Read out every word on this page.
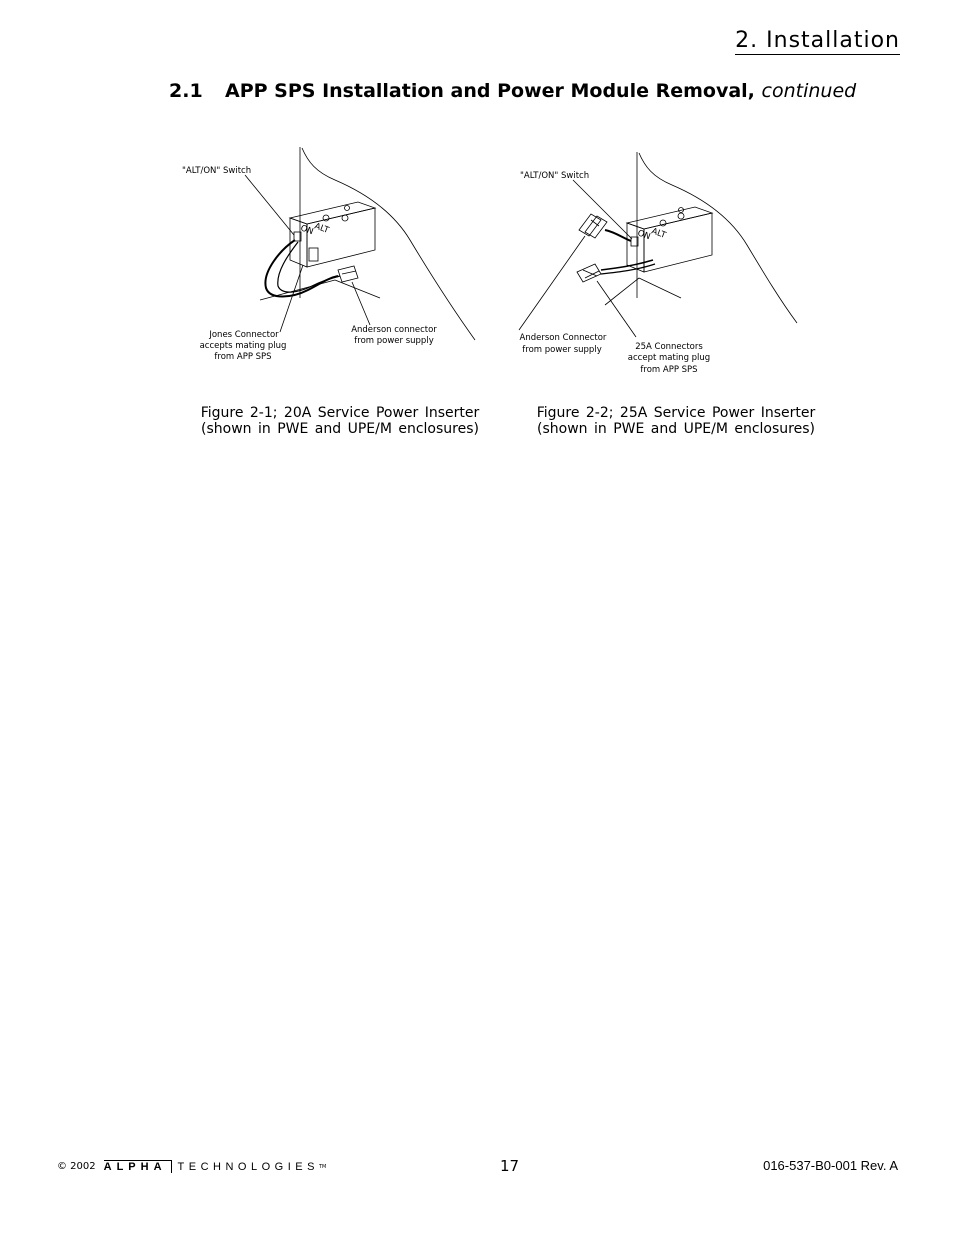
2. Installation
2.1 APP SPS Installation and Power Module Removal, continued
"ALT/ON" Switch
Jones Connector
accepts mating plug
from APP SPS
Anderson connector
from power supply
ON
ALT
"ALT/ON" Switch
Anderson Connector
from power supply	25A Connectors
accept mating plug
from APP SPS
ON
ALT
Figure 2-1; 20A Service Power Inserter
(shown in PWE and UPE/M enclosures)
Figure 2-2; 25A Service Power Inserter
(shown in PWE and UPE/M enclosures)
© 2002 ALPHA	TECHNOLOGIES TM	17	016-537-B0-001 Rev. A
